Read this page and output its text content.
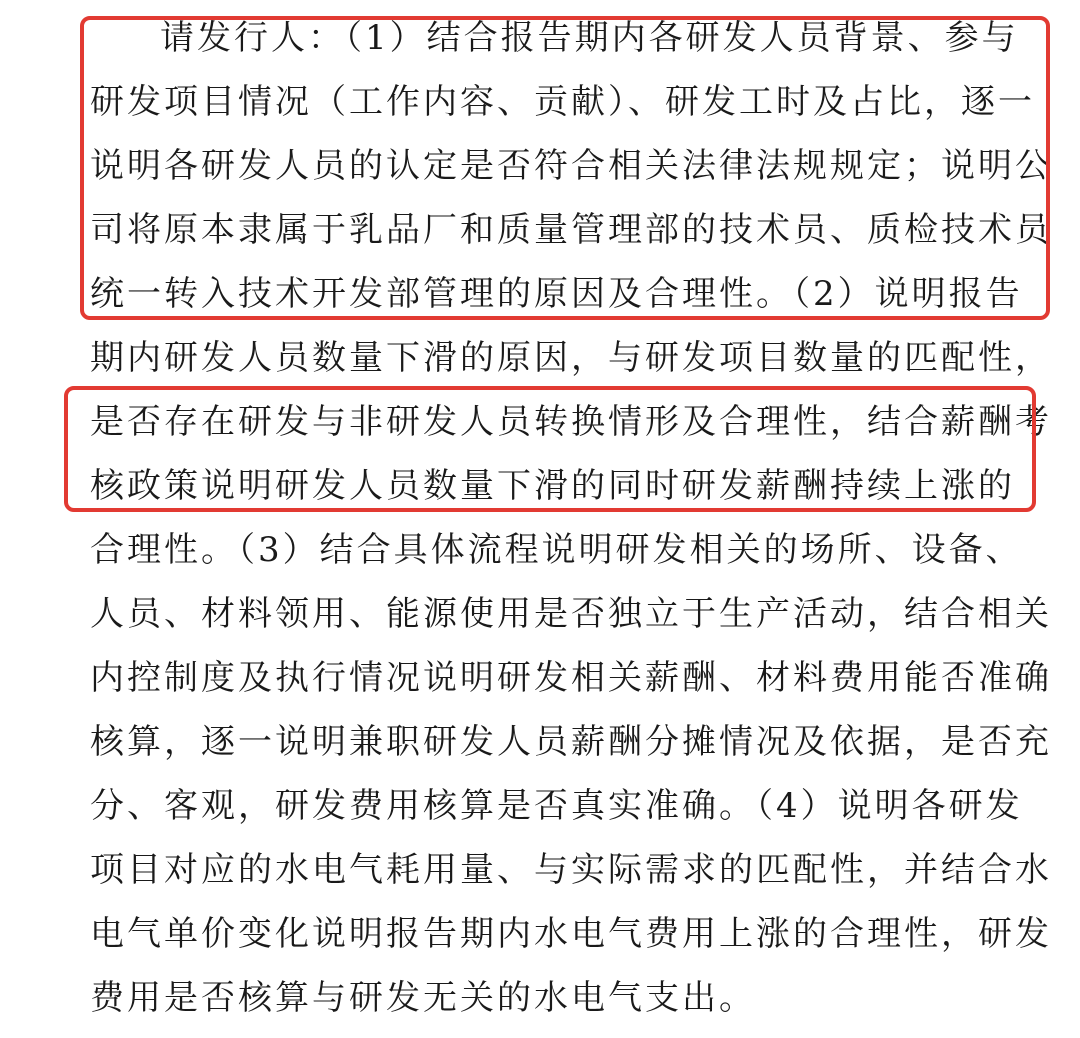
请发行人：（1）结合报告期内各研发人员背景、参与
研发项目情况（工作内容、贡献）、研发工时及占比，逐一
说明各研发人员的认定是否符合相关法律法规规定；说明公
司将原本隶属于乳品厂和质量管理部的技术员、质检技术员
统一转入技术开发部管理的原因及合理性。（2）说明报告
期内研发人员数量下滑的原因，与研发项目数量的匹配性，
是否存在研发与非研发人员转换情形及合理性，结合薪酬考
核政策说明研发人员数量下滑的同时研发薪酬持续上涨的
合理性。（3）结合具体流程说明研发相关的场所、设备、
人员、材料领用、能源使用是否独立于生产活动，结合相关
内控制度及执行情况说明研发相关薪酬、材料费用能否准确
核算，逐一说明兼职研发人员薪酬分摊情况及依据，是否充
分、客观，研发费用核算是否真实准确。（4）说明各研发
项目对应的水电气耗用量、与实际需求的匹配性，并结合水
电气单价变化说明报告期内水电气费用上涨的合理性，研发
费用是否核算与研发无关的水电气支出。
